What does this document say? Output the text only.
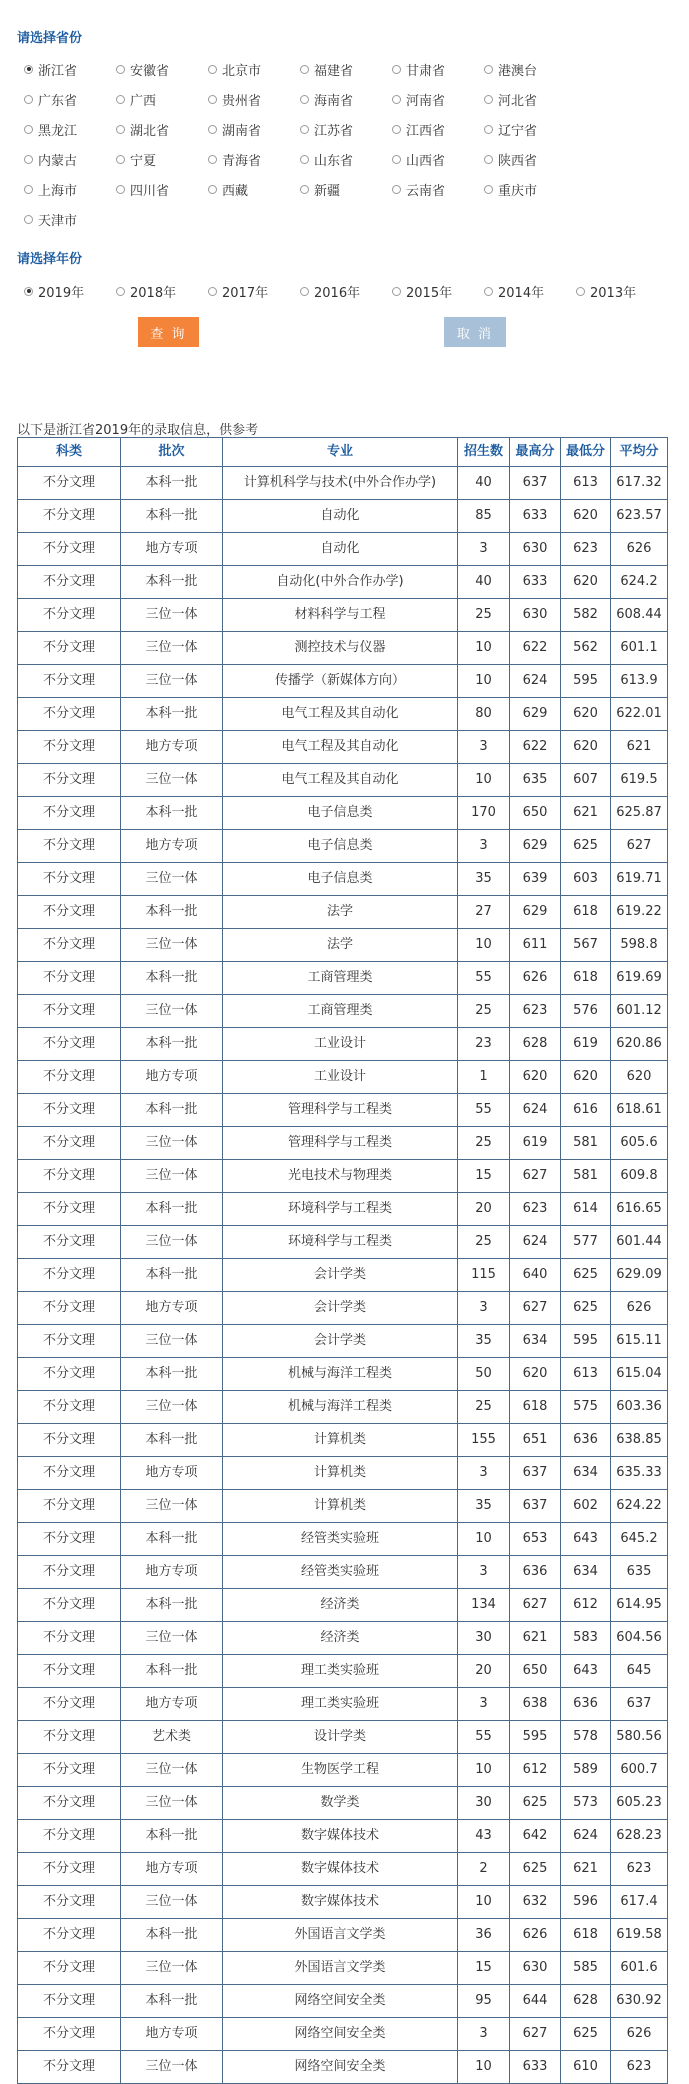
请选择省份
浙江省	安徽省	北京市	福建省	甘肃省	港澳台
广东省	广西	贵州省	海南省	河南省	河北省
黑龙江	湖北省	湖南省	江苏省	江西省	辽宁省
内蒙古	宁夏	青海省	山东省	山西省	陕西省
上海市	四川省	西藏	新疆	云南省	重庆市
天津市
请选择年份
2019年	2018年	2017年	2016年	2015年	2014年	2013年
查 询	取 消
以下是浙江省2019年的录取信息，供参考
科类	批次	专业	招生数	最高分	最低分	平均分
不分文理	本科一批	计算机科学与技术(中外合作办学)	40	637	613	617.32
不分文理	本科一批	自动化	85	633	620	623.57
不分文理	地方专项	自动化	3	630	623	626
不分文理	本科一批	自动化(中外合作办学)	40	633	620	624.2
不分文理	三位一体	材料科学与工程	25	630	582	608.44
不分文理	三位一体	测控技术与仪器	10	622	562	601.1
不分文理	三位一体	传播学（新媒体方向）	10	624	595	613.9
不分文理	本科一批	电气工程及其自动化	80	629	620	622.01
不分文理	地方专项	电气工程及其自动化	3	622	620	621
不分文理	三位一体	电气工程及其自动化	10	635	607	619.5
不分文理	本科一批	电子信息类	170	650	621	625.87
不分文理	地方专项	电子信息类	3	629	625	627
不分文理	三位一体	电子信息类	35	639	603	619.71
不分文理	本科一批	法学	27	629	618	619.22
不分文理	三位一体	法学	10	611	567	598.8
不分文理	本科一批	工商管理类	55	626	618	619.69
不分文理	三位一体	工商管理类	25	623	576	601.12
不分文理	本科一批	工业设计	23	628	619	620.86
不分文理	地方专项	工业设计	1	620	620	620
不分文理	本科一批	管理科学与工程类	55	624	616	618.61
不分文理	三位一体	管理科学与工程类	25	619	581	605.6
不分文理	三位一体	光电技术与物理类	15	627	581	609.8
不分文理	本科一批	环境科学与工程类	20	623	614	616.65
不分文理	三位一体	环境科学与工程类	25	624	577	601.44
不分文理	本科一批	会计学类	115	640	625	629.09
不分文理	地方专项	会计学类	3	627	625	626
不分文理	三位一体	会计学类	35	634	595	615.11
不分文理	本科一批	机械与海洋工程类	50	620	613	615.04
不分文理	三位一体	机械与海洋工程类	25	618	575	603.36
不分文理	本科一批	计算机类	155	651	636	638.85
不分文理	地方专项	计算机类	3	637	634	635.33
不分文理	三位一体	计算机类	35	637	602	624.22
不分文理	本科一批	经管类实验班	10	653	643	645.2
不分文理	地方专项	经管类实验班	3	636	634	635
不分文理	本科一批	经济类	134	627	612	614.95
不分文理	三位一体	经济类	30	621	583	604.56
不分文理	本科一批	理工类实验班	20	650	643	645
不分文理	地方专项	理工类实验班	3	638	636	637
不分文理	艺术类	设计学类	55	595	578	580.56
不分文理	三位一体	生物医学工程	10	612	589	600.7
不分文理	三位一体	数学类	30	625	573	605.23
不分文理	本科一批	数字媒体技术	43	642	624	628.23
不分文理	地方专项	数字媒体技术	2	625	621	623
不分文理	三位一体	数字媒体技术	10	632	596	617.4
不分文理	本科一批	外国语言文学类	36	626	618	619.58
不分文理	三位一体	外国语言文学类	15	630	585	601.6
不分文理	本科一批	网络空间安全类	95	644	628	630.92
不分文理	地方专项	网络空间安全类	3	627	625	626
不分文理	三位一体	网络空间安全类	10	633	610	623
